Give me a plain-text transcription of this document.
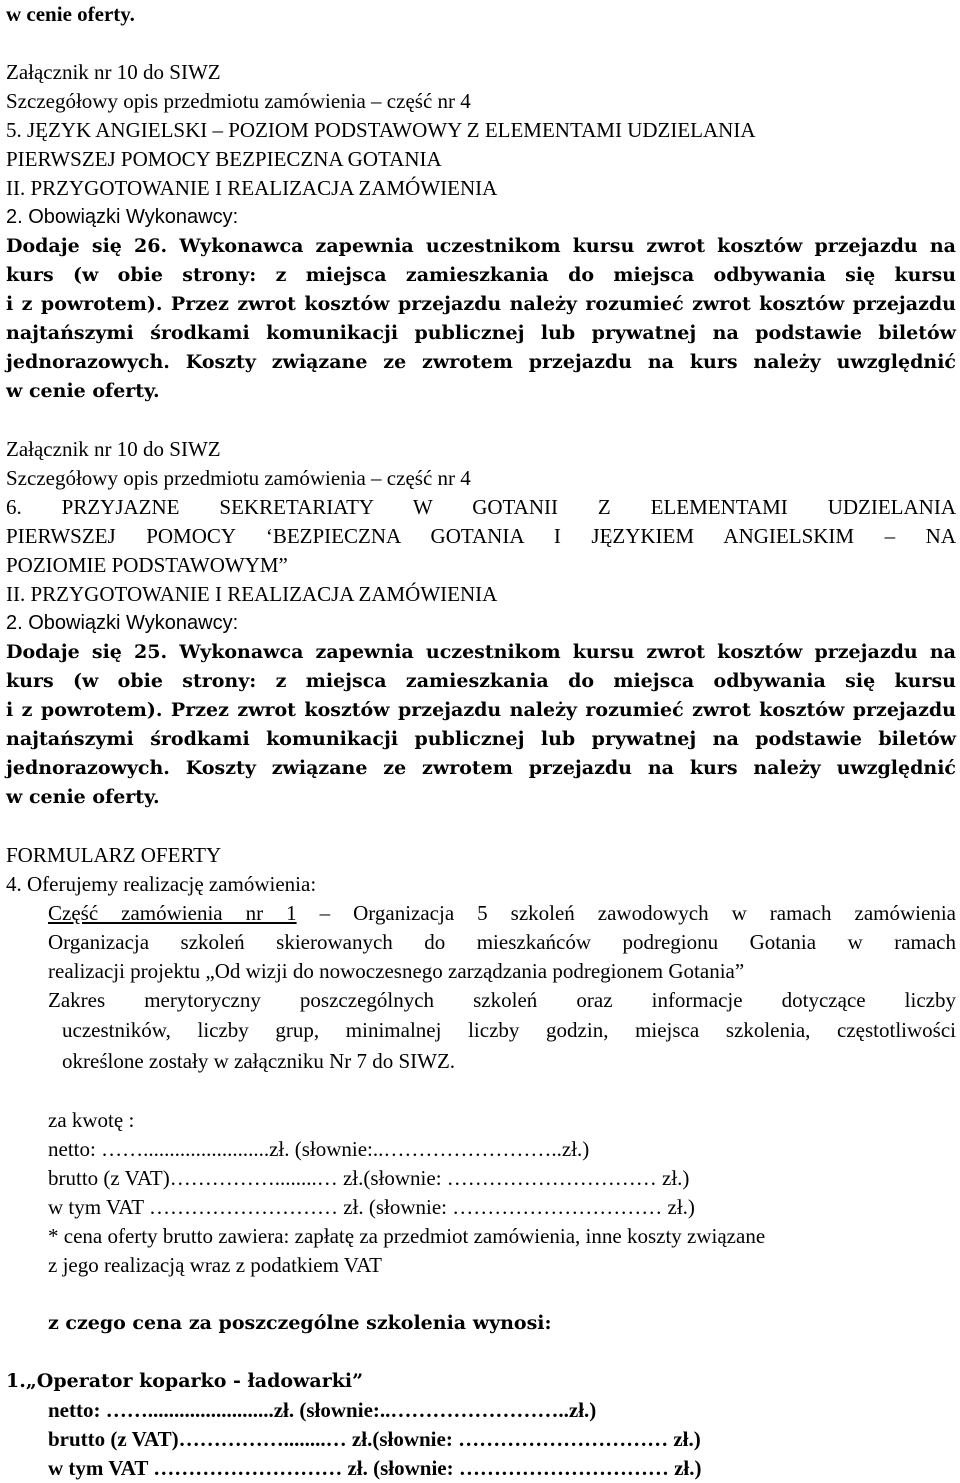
w cenie oferty.
Załącznik nr 10 do SIWZ
Szczegółowy opis przedmiotu zamówienia – część nr 4
5. JĘZYK ANGIELSKI – POZIOM PODSTAWOWY Z ELEMENTAMI UDZIELANIA
PIERWSZEJ POMOCY BEZPIECZNA GOTANIA
II. PRZYGOTOWANIE I REALIZACJA ZAMÓWIENIA
2. Obowiązki Wykonawcy:
Dodaje się 26. Wykonawca zapewnia uczestnikom kursu zwrot kosztów przejazdu na
kurs (w obie strony: z miejsca zamieszkania do miejsca odbywania się kursu
i z powrotem). Przez zwrot kosztów przejazdu należy rozumieć zwrot kosztów przejazdu
najtańszymi środkami komunikacji publicznej lub prywatnej na podstawie biletów
jednorazowych. Koszty związane ze zwrotem przejazdu na kurs należy uwzględnić
w cenie oferty.
Załącznik nr 10 do SIWZ
Szczegółowy opis przedmiotu zamówienia – część nr 4
6. PRZYJAZNE SEKRETARIATY W GOTANII Z ELEMENTAMI UDZIELANIA
PIERWSZEJ POMOCY ‘BEZPIECZNA GOTANIA I JĘZYKIEM ANGIELSKIM – NA
POZIOMIE PODSTAWOWYM”
II. PRZYGOTOWANIE I REALIZACJA ZAMÓWIENIA
2. Obowiązki Wykonawcy:
Dodaje się 25. Wykonawca zapewnia uczestnikom kursu zwrot kosztów przejazdu na
kurs (w obie strony: z miejsca zamieszkania do miejsca odbywania się kursu
i z powrotem). Przez zwrot kosztów przejazdu należy rozumieć zwrot kosztów przejazdu
najtańszymi środkami komunikacji publicznej lub prywatnej na podstawie biletów
jednorazowych. Koszty związane ze zwrotem przejazdu na kurs należy uwzględnić
w cenie oferty.
FORMULARZ OFERTY
4. Oferujemy realizację zamówienia:
Część zamówienia nr 1 – Organizacja 5 szkoleń zawodowych w ramach zamówienia
Organizacja szkoleń skierowanych do mieszkańców podregionu Gotania w ramach
realizacji projektu „Od wizji do nowoczesnego zarządzania podregionem Gotania”
Zakres merytoryczny poszczególnych szkoleń oraz informacje dotyczące liczby
uczestników, liczby grup, minimalnej liczby godzin, miejsca szkolenia, częstotliwości
określone zostały w załączniku Nr 7 do SIWZ.
za kwotę :
netto: ……........................zł. (słownie:..……………………..zł.)
brutto (z VAT)……………........… zł.(słownie: ………………………… zł.)
w tym VAT ……………………… zł. (słownie: ………………………… zł.)
* cena oferty brutto zawiera: zapłatę za przedmiot zamówienia, inne koszty związane
z jego realizacją wraz z podatkiem VAT
z czego cena za poszczególne szkolenia wynosi:
1.„Operator koparko - ładowarki”
netto: ……........................zł. (słownie:..……………………..zł.)
brutto (z VAT)……………........… zł.(słownie: ………………………… zł.)
w tym VAT ……………………… zł. (słownie: ………………………… zł.)
